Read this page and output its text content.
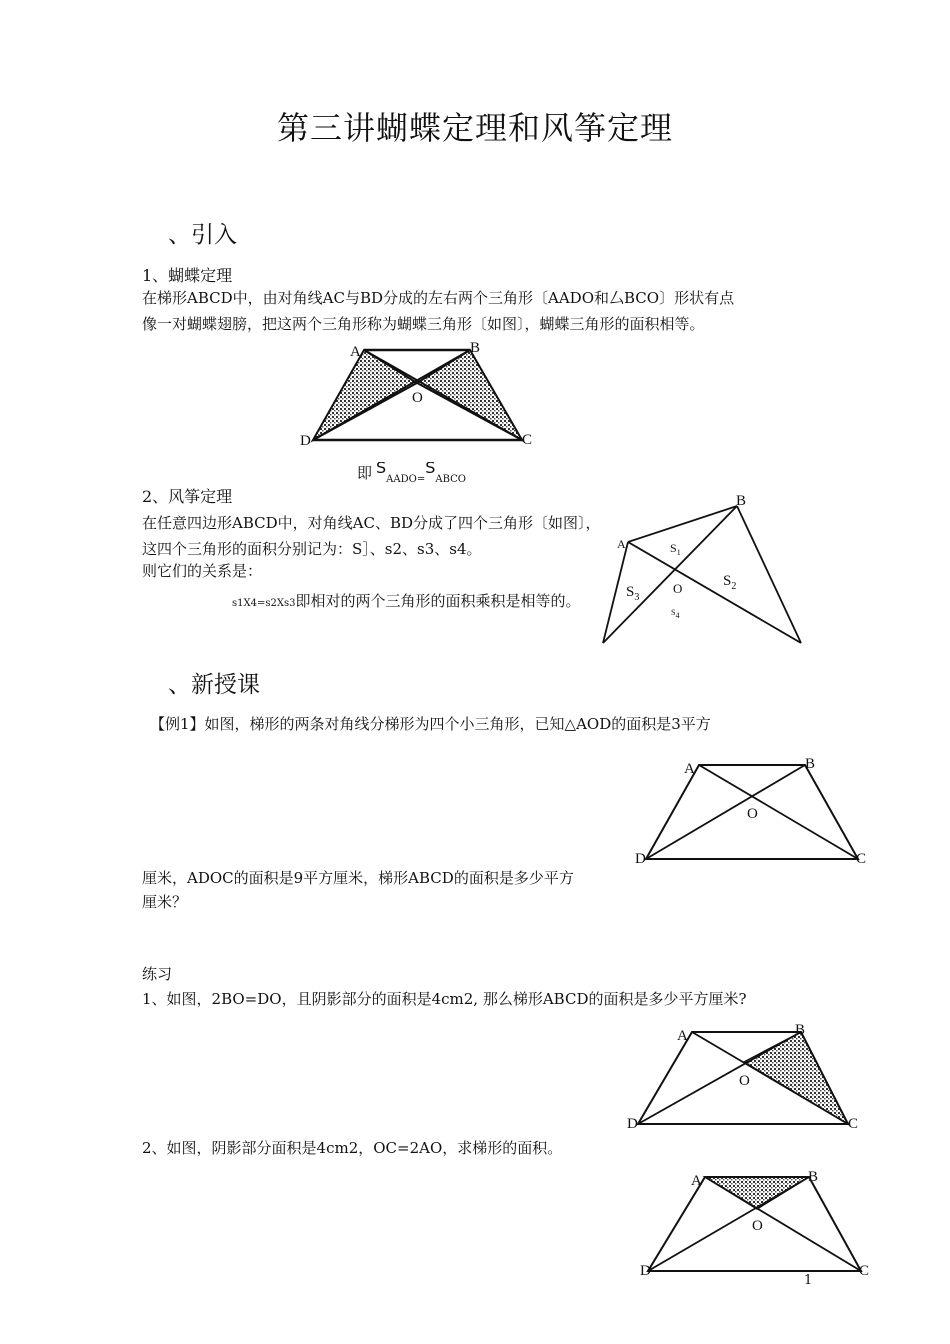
第三讲蝴蝶定理和风筝定理
、引入
1、蝴蝶定理
在梯形ABCD中，由对角线AC与BD分成的左右两个三角形〔AADO和厶BCO〕形状有点
像一对蝴蝶翅膀，把这两个三角形称为蝴蝶三角形〔如图〕，蝴蝶三角形的面积相等。
A	B
O
D	C
即 $S_{AADO=}S_{ABCO}$
2、风筝定理
在任意四边形ABCD中，对角线AC、BD分成了四个三角形〔如图〕，
这四个三角形的面积分别记为：S］、s2、s3、s4。
则它们的关系是：
s1X4=s2Xs3即相对的两个三角形的面积乘积是相等的。
B
A
O
$S_1$
$S_2$
$S_3$
S4
、新授课
【例1】如图，梯形的两条对角线分梯形为四个小三角形，已知△AOD的面积是3平方
A	B
O
D	C
厘米，ADOC的面积是9平方厘米，梯形ABCD的面积是多少平方
厘米？
练习
1、如图，2BO=DO，且阴影部分的面积是4cm2, 那么梯形ABCD的面积是多少平方厘米?
A	B
O
D	C
2、如图，阴影部分面积是4cm2，OC=2AO，求梯形的面积。
A	B
O
D	C
1
